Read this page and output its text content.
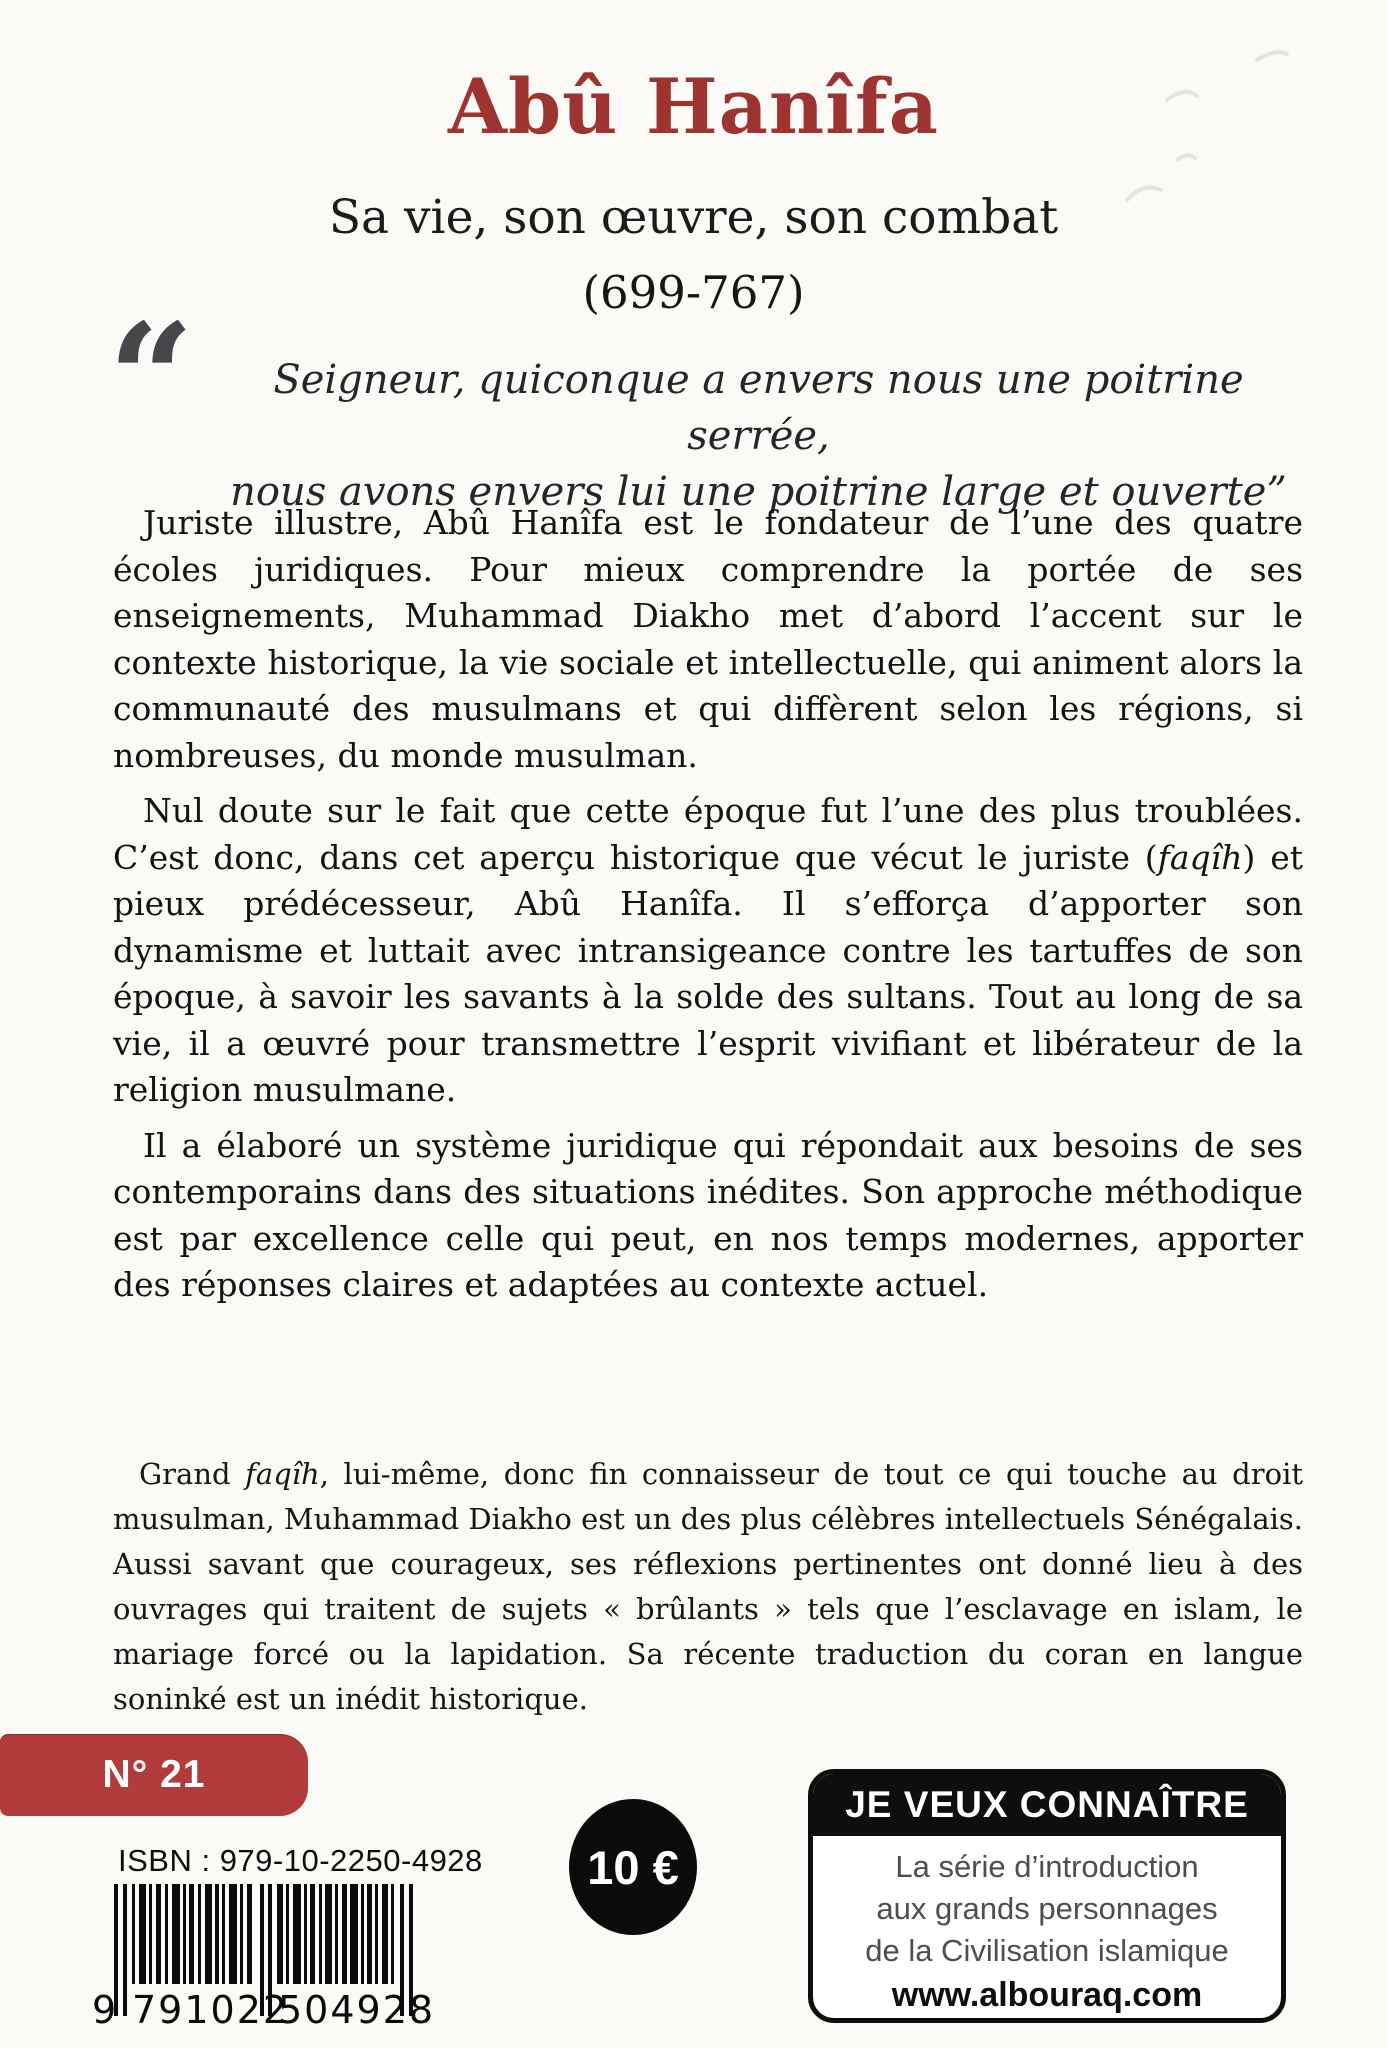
Abû Hanîfa
Sa vie, son œuvre, son combat
(699-767)
“	Seigneur, quiconque a envers nous une poitrine serrée,
nous avons envers lui une poitrine large et ouverte”

Juriste illustre, Abû Hanîfa est le fondateur de l’une des quatre écoles juridiques. Pour mieux comprendre la portée de ses enseignements, Muhammad Diakho met d’abord l’accent sur le contexte historique, la vie sociale et intellectuelle, qui animent alors la communauté des musulmans et qui diffèrent selon les régions, si nombreuses, du monde musulman.

Nul doute sur le fait que cette époque fut l’une des plus troublées. C’est donc, dans cet aperçu historique que vécut le juriste (faqîh) et pieux prédécesseur, Abû Hanîfa. Il s’efforça d’apporter son dynamisme et luttait avec intransigeance contre les tartuffes de son époque, à savoir les savants à la solde des sultans. Tout au long de sa vie, il a œuvré pour transmettre l’esprit vivifiant et libérateur de la religion musulmane.

Il a élaboré un système juridique qui répondait aux besoins de ses contemporains dans des situations inédites. Son approche méthodique est par excellence celle qui peut, en nos temps modernes, apporter des réponses claires et adaptées au contexte actuel.

Grand faqîh, lui-même, donc fin connaisseur de tout ce qui touche au droit musulman, Muhammad Diakho est un des plus célèbres intellectuels Sénégalais. Aussi savant que courageux, ses réflexions pertinentes ont donné lieu à des ouvrages qui traitent de sujets « brûlants » tels que l’esclavage en islam, le mariage forcé ou la lapidation. Sa récente traduction du coran en langue soninké est un inédit historique.

N° 21
ISBN : 979-10-2250-4928
9 791022
504928
10 €
JE VEUX CONNAÎTRE
La série d’introduction
aux grands personnages
de la Civilisation islamique
www.albouraq.com
